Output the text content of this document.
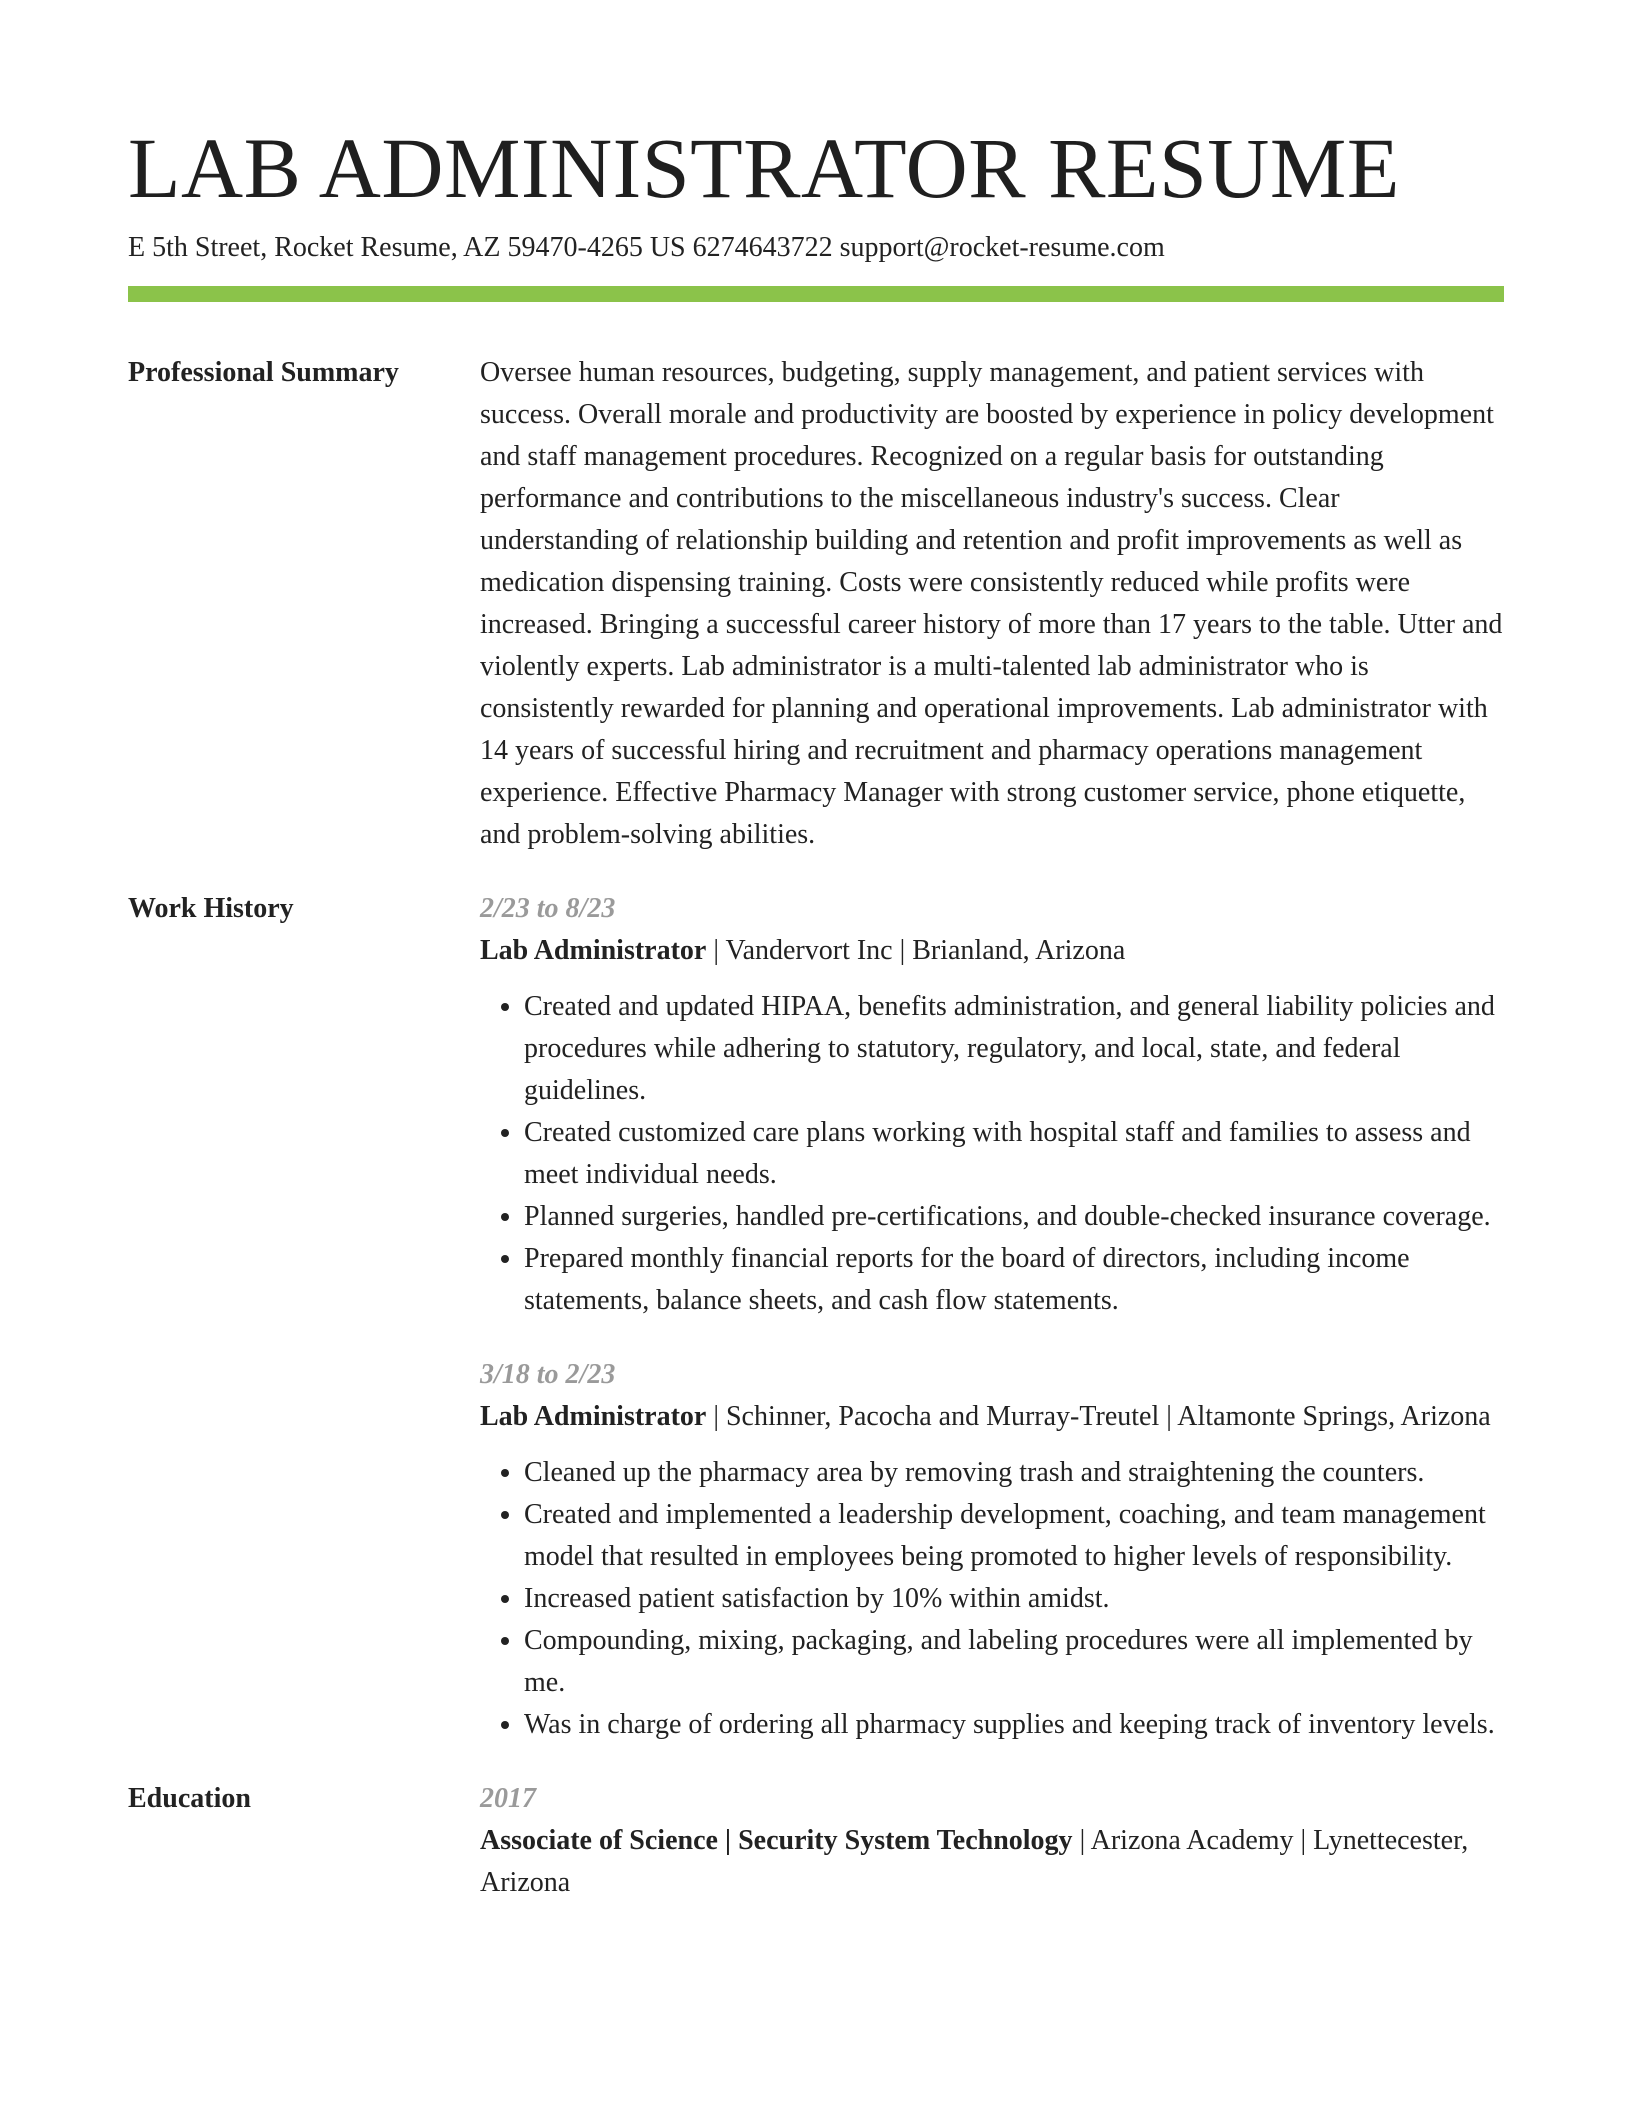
LAB ADMINISTRATOR RESUME
E 5th Street, Rocket Resume, AZ 59470-4265 US 6274643722 support@rocket-resume.com
Professional Summary	Oversee human resources, budgeting, supply management, and patient services with success. Overall morale and productivity are boosted by experience in policy development and staff management procedures. Recognized on a regular basis for outstanding performance and contributions to the miscellaneous industry's success. Clear understanding of relationship building and retention and profit improvements as well as medication dispensing training. Costs were consistently reduced while profits were increased. Bringing a successful career history of more than 17 years to the table. Utter and violently experts. Lab administrator is a multi-talented lab administrator who is consistently rewarded for planning and operational improvements. Lab administrator with 14 years of successful hiring and recruitment and pharmacy operations management experience. Effective Pharmacy Manager with strong customer service, phone etiquette, and problem-solving abilities.
Work History	2/23 to 8/23
Lab Administrator | Vandervort Inc | Brianland, Arizona
• Created and updated HIPAA, benefits administration, and general liability policies and procedures while adhering to statutory, regulatory, and local, state, and federal guidelines.
• Created customized care plans working with hospital staff and families to assess and meet individual needs.
• Planned surgeries, handled pre-certifications, and double-checked insurance coverage.
• Prepared monthly financial reports for the board of directors, including income statements, balance sheets, and cash flow statements.
3/18 to 2/23
Lab Administrator | Schinner, Pacocha and Murray-Treutel | Altamonte Springs, Arizona
• Cleaned up the pharmacy area by removing trash and straightening the counters.
• Created and implemented a leadership development, coaching, and team management model that resulted in employees being promoted to higher levels of responsibility.
• Increased patient satisfaction by 10% within amidst.
• Compounding, mixing, packaging, and labeling procedures were all implemented by me.
• Was in charge of ordering all pharmacy supplies and keeping track of inventory levels.
Education	2017
Associate of Science | Security System Technology | Arizona Academy | Lynettecester, Arizona
